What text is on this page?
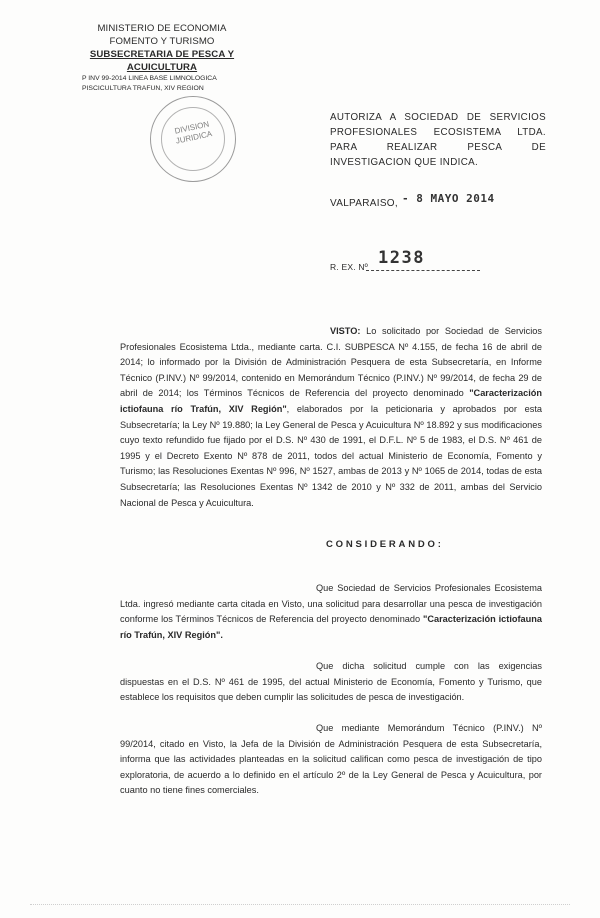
MINISTERIO DE ECONOMIA
FOMENTO Y TURISMO
SUBSECRETARIA DE PESCA Y ACUICULTURA
P INV 99-2014 LINEA BASE LIMNOLOGICA
PISCICULTURA TRAFUN, XIV REGION
DIVISION JURIDICA
AUTORIZA A SOCIEDAD DE SERVICIOS PROFESIONALES ECOSISTEMA LTDA. PARA REALIZAR PESCA DE INVESTIGACION QUE INDICA.
VALPARAISO, - 8 MAYO 2014
R. EX. Nº 1238
VISTO: Lo solicitado por Sociedad de Servicios Profesionales Ecosistema Ltda., mediante carta. C.I. SUBPESCA Nº 4.155, de fecha 16 de abril de 2014; lo informado por la División de Administración Pesquera de esta Subsecretaría, en Informe Técnico (P.INV.) Nº 99/2014, contenido en Memorándum Técnico (P.INV.) Nº 99/2014, de fecha 29 de abril de 2014; los Términos Técnicos de Referencia del proyecto denominado "Caracterización ictiofauna río Trafún, XIV Región", elaborados por la peticionaria y aprobados por esta Subsecretaría; la Ley Nº 19.880; la Ley General de Pesca y Acuicultura Nº 18.892 y sus modificaciones cuyo texto refundido fue fijado por el D.S. Nº 430 de 1991, el D.F.L. Nº 5 de 1983, el D.S. Nº 461 de 1995 y el Decreto Exento Nº 878 de 2011, todos del actual Ministerio de Economía, Fomento y Turismo; las Resoluciones Exentas Nº 996, Nº 1527, ambas de 2013 y Nº 1065 de 2014, todas de esta Subsecretaría; las Resoluciones Exentas Nº 1342 de 2010 y Nº 332 de 2011, ambas del Servicio Nacional de Pesca y Acuicultura.
CONSIDERANDO:
Que Sociedad de Servicios Profesionales Ecosistema Ltda. ingresó mediante carta citada en Visto, una solicitud para desarrollar una pesca de investigación conforme los Términos Técnicos de Referencia del proyecto denominado "Caracterización ictiofauna río Trafún, XIV Región".
Que dicha solicitud cumple con las exigencias dispuestas en el D.S. Nº 461 de 1995, del actual Ministerio de Economía, Fomento y Turismo, que establece los requisitos que deben cumplir las solicitudes de pesca de investigación.
Que mediante Memorándum Técnico (P.INV.) Nº 99/2014, citado en Visto, la Jefa de la División de Administración Pesquera de esta Subsecretaría, informa que las actividades planteadas en la solicitud califican como pesca de investigación de tipo exploratoria, de acuerdo a lo definido en el artículo 2º de la Ley General de Pesca y Acuicultura, por cuanto no tiene fines comerciales.
